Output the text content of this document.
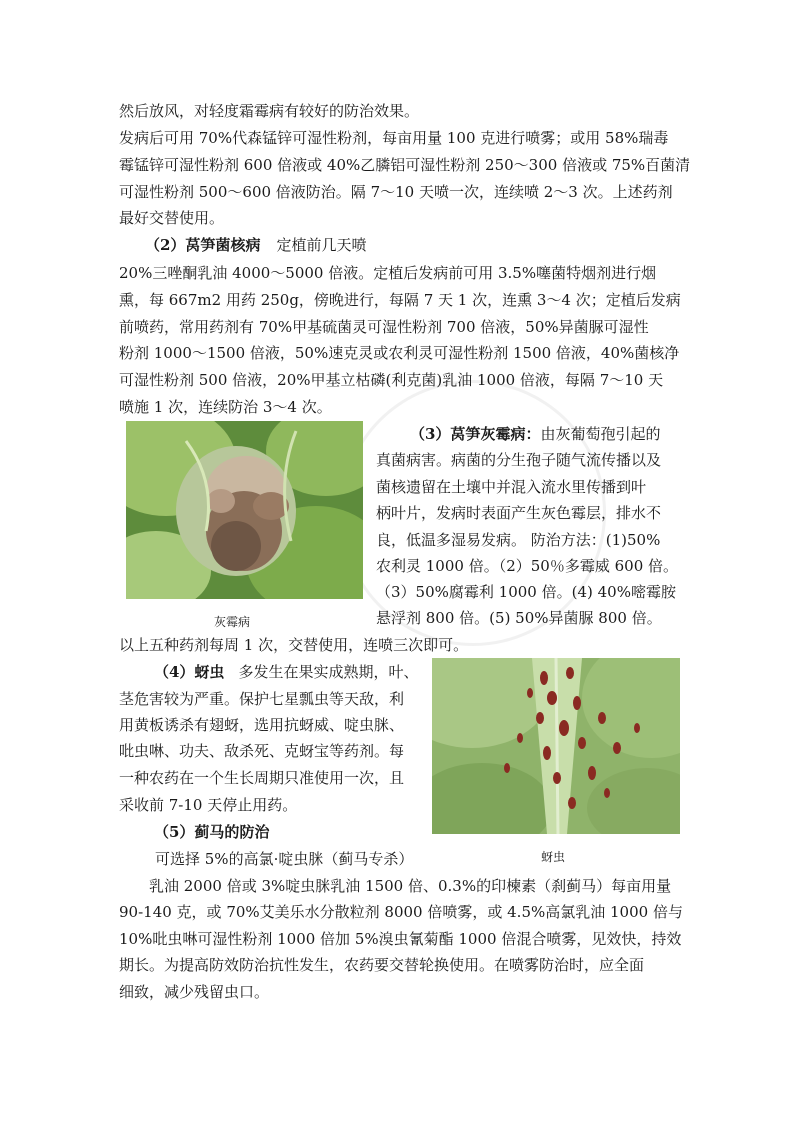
然后放风，对轻度霜霉病有较好的防治效果。
发病后可用 70%代森锰锌可湿性粉剂，每亩用量 100 克进行喷雾；或用 58%瑞毒
霉锰锌可湿性粉剂 600 倍液或 40%乙膦铝可湿性粉剂 250～300 倍液或 75%百菌清
可湿性粉剂 500～600 倍液防治。隔 7～10 天喷一次，连续喷 2～3 次。上述药剂
最好交替使用。
（2）莴笋菌核病 定植前几天喷
20%三唑酮乳油 4000～5000 倍液。定植后发病前可用 3.5%噻菌特烟剂进行烟
熏，每 667m2 用药 250g，傍晚进行，每隔 7 天 1 次，连熏 3～4 次；定植后发病
前喷药，常用药剂有 70%甲基硫菌灵可湿性粉剂 700 倍液，50%异菌脲可湿性
粉剂 1000～1500 倍液，50%速克灵或农利灵可湿性粉剂 1500 倍液，40%菌核净
可湿性粉剂 500 倍液，20%甲基立枯磷(利克菌)乳油 1000 倍液，每隔 7～10 天
喷施 1 次，连续防治 3～4 次。
灰霉病
（3）莴笋灰霉病：由灰葡萄孢引起的
真菌病害。病菌的分生孢子随气流传播以及
菌核遗留在土壤中并混入流水里传播到叶
柄叶片，发病时表面产生灰色霉层，排水不
良，低温多湿易发病。 防治方法：(1)50%
农利灵 1000 倍。（2）50％多霉威 600 倍。
（3）50%腐霉利 1000 倍。(4) 40%嘧霉胺
悬浮剂 800 倍。(5) 50%异菌脲 800 倍。
以上五种药剂每周 1 次，交替使用，连喷三次即可。
蚜虫
（4）蚜虫 多发生在果实成熟期，叶、
茎危害较为严重。保护七星瓢虫等天敌，利
用黄板诱杀有翅蚜，选用抗蚜威、啶虫脒、
吡虫啉、功夫、敌杀死、克蚜宝等药剂。每
一种农药在一个生长周期只准使用一次，且
采收前 7-10 天停止用药。
（5）蓟马的防治
可选择 5%的高氯·啶虫脒（蓟马专杀）
乳油 2000 倍或 3%啶虫脒乳油 1500 倍、0.3%的印楝素（刹蓟马）每亩用量
90-140 克，或 70%艾美乐水分散粒剂 8000 倍喷雾，或 4.5%高氯乳油 1000 倍与
10%吡虫啉可湿性粉剂 1000 倍加 5%溴虫氰菊酯 1000 倍混合喷雾，见效快，持效
期长。为提高防效防治抗性发生，农药要交替轮换使用。在喷雾防治时，应全面
细致，减少残留虫口。
